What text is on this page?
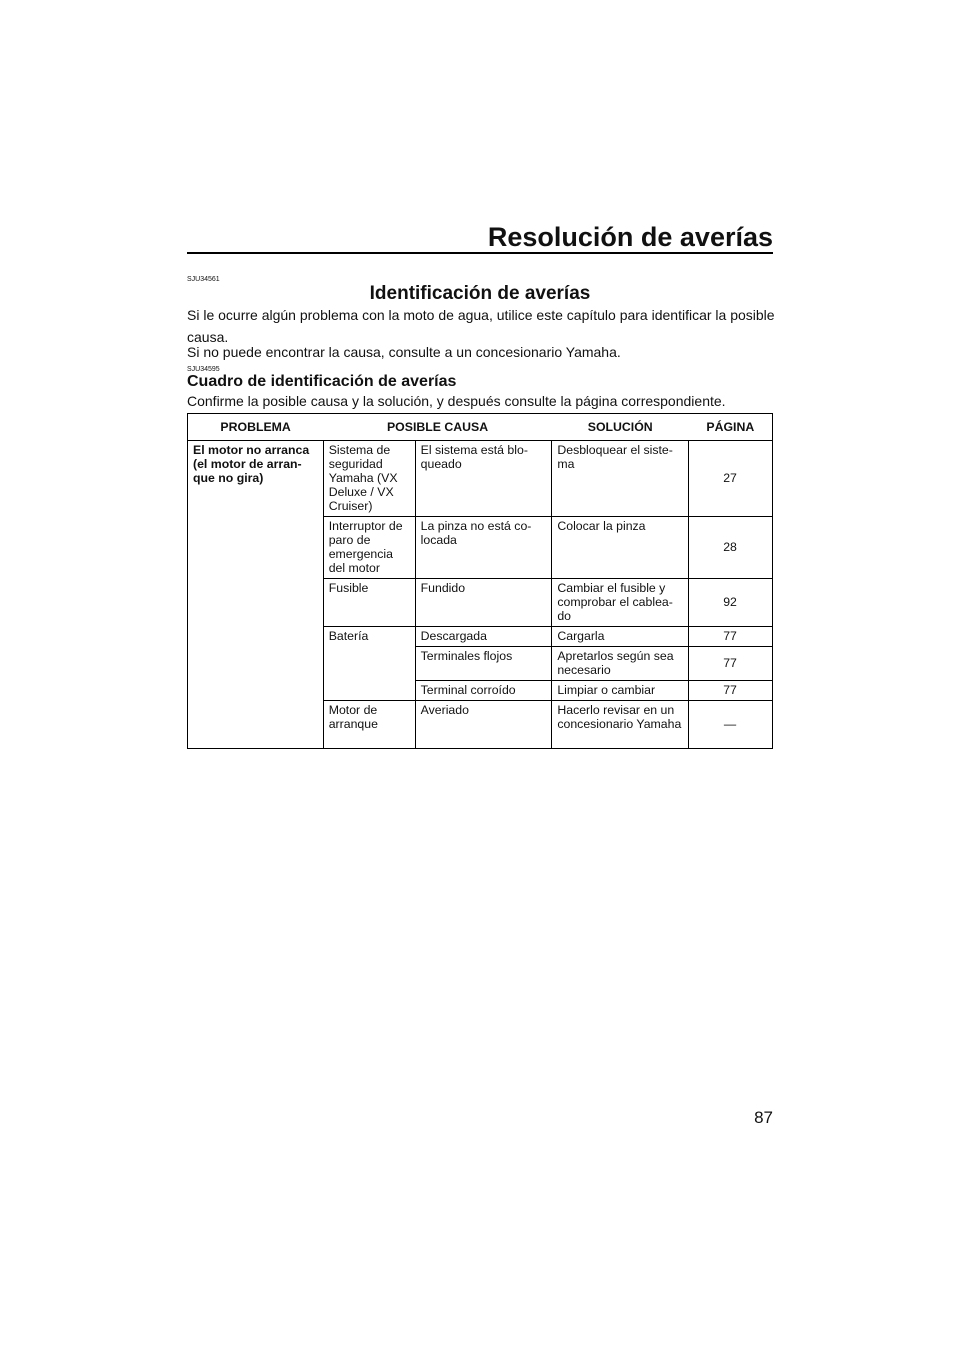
Resolución de averías
SJU34561
Identificación de averías
Si le ocurre algún problema con la moto de agua, utilice este capítulo para identificar la posible causa.
Si no puede encontrar la causa, consulte a un concesionario Yamaha.
SJU34595
Cuadro de identificación de averías
Confirme la posible causa y la solución, y después consulte la página correspondiente.
PROBLEMA	POSIBLE CAUSA		SOLUCIÓN	PÁGINA
El motor no arranca (el motor de arran-que no gira)	Sistema de seguridad Yamaha (VX Deluxe / VX Cruiser)	El sistema está blo-queado	Desbloquear el siste-ma	27
	Interruptor de paro de emergencia del motor	La pinza no está co-locada	Colocar la pinza	28
	Fusible	Fundido	Cambiar el fusible y comprobar el cablea-do	92
	Batería	Descargada	Cargarla	77
		Terminales flojos	Apretarlos según sea necesario	77
		Terminal corroído	Limpiar o cambiar	77
	Motor de arranque	Averiado	Hacerlo revisar en un concesionario Yamaha	—
87
